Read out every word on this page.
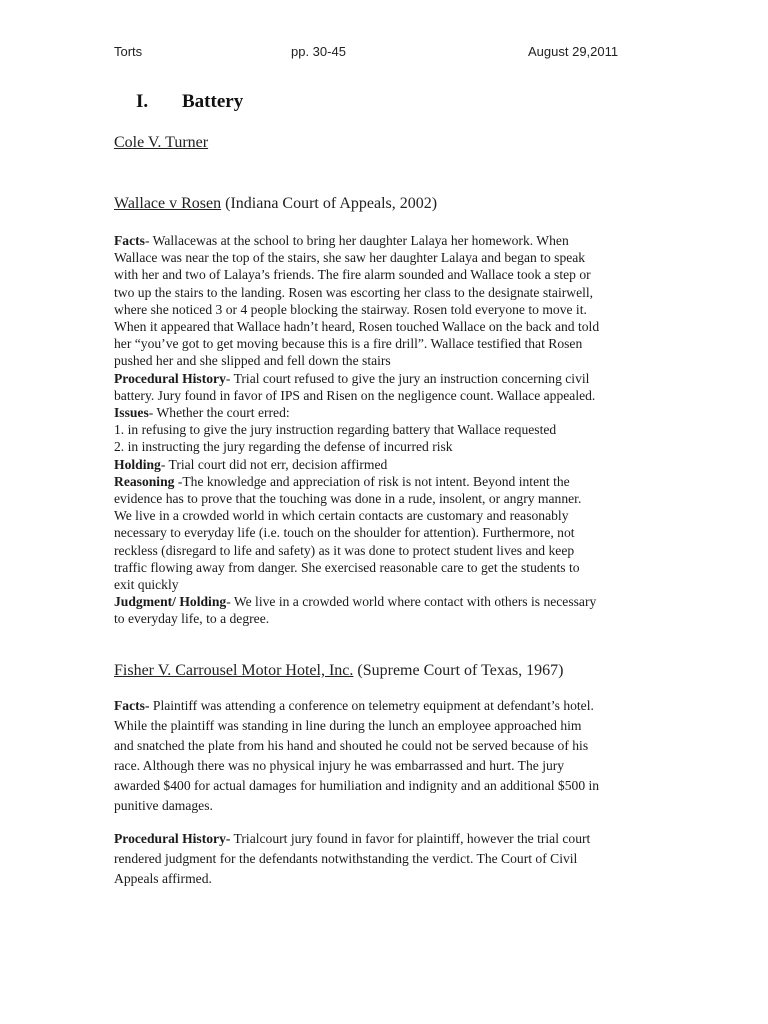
Torts	pp. 30-45	August 29,2011
I. Battery
Cole V. Turner
Wallace v Rosen (Indiana Court of Appeals, 2002)
Facts- Wallacewas at the school to bring her daughter Lalaya her homework. When
Wallace was near the top of the stairs, she saw her daughter Lalaya and began to speak
with her and two of Lalaya’s friends. The fire alarm sounded and Wallace took a step or
two up the stairs to the landing. Rosen was escorting her class to the designate stairwell,
where she noticed 3 or 4 people blocking the stairway. Rosen told everyone to move it.
When it appeared that Wallace hadn’t heard, Rosen touched Wallace on the back and told
her “you’ve got to get moving because this is a fire drill”. Wallace testified that Rosen
pushed her and she slipped and fell down the stairs
Procedural History- Trial court refused to give the jury an instruction concerning civil
battery. Jury found in favor of IPS and Risen on the negligence count. Wallace appealed.
Issues- Whether the court erred:
1. in refusing to give the jury instruction regarding battery that Wallace requested
2. in instructing the jury regarding the defense of incurred risk
Holding- Trial court did not err, decision affirmed
Reasoning -The knowledge and appreciation of risk is not intent. Beyond intent the
evidence has to prove that the touching was done in a rude, insolent, or angry manner.
We live in a crowded world in which certain contacts are customary and reasonably
necessary to everyday life (i.e. touch on the shoulder for attention). Furthermore, not
reckless (disregard to life and safety) as it was done to protect student lives and keep
traffic flowing away from danger. She exercised reasonable care to get the students to
exit quickly
Judgment/ Holding- We live in a crowded world where contact with others is necessary
to everyday life, to a degree.
Fisher V. Carrousel Motor Hotel, Inc. (Supreme Court of Texas, 1967)
Facts- Plaintiff was attending a conference on telemetry equipment at defendant’s hotel.
While the plaintiff was standing in line during the lunch an employee approached him
and snatched the plate from his hand and shouted he could not be served because of his
race. Although there was no physical injury he was embarrassed and hurt. The jury
awarded $400 for actual damages for humiliation and indignity and an additional $500 in
punitive damages.
Procedural History- Trialcourt jury found in favor for plaintiff, however the trial court
rendered judgment for the defendants notwithstanding the verdict. The Court of Civil
Appeals affirmed.
